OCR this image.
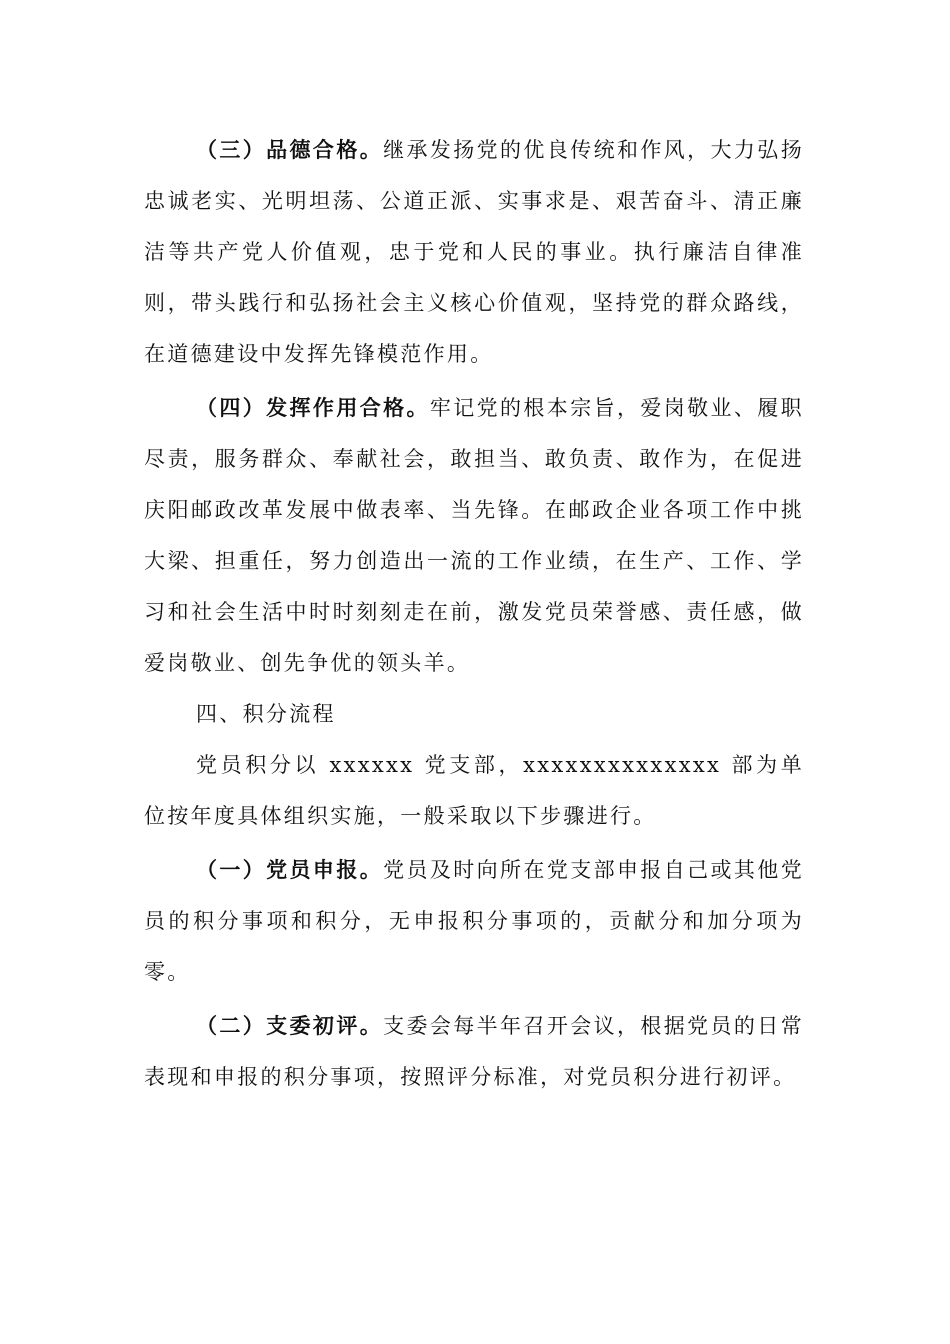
（三）品德合格。继承发扬党的优良传统和作风，大力弘扬忠诚老实、光明坦荡、公道正派、实事求是、艰苦奋斗、清正廉洁等共产党人价值观，忠于党和人民的事业。执行廉洁自律准则，带头践行和弘扬社会主义核心价值观，坚持党的群众路线，在道德建设中发挥先锋模范作用。

（四）发挥作用合格。牢记党的根本宗旨，爱岗敬业、履职尽责，服务群众、奉献社会，敢担当、敢负责、敢作为，在促进庆阳邮政改革发展中做表率、当先锋。在邮政企业各项工作中挑大梁、担重任，努力创造出一流的工作业绩，在生产、工作、学习和社会生活中时时刻刻走在前，激发党员荣誉感、责任感，做爱岗敬业、创先争优的领头羊。

四、积分流程

党员积分以 xxxxxx 党支部，xxxxxxxxxxxxxx 部为单位按年度具体组织实施，一般采取以下步骤进行。

（一）党员申报。党员及时向所在党支部申报自己或其他党员的积分事项和积分，无申报积分事项的，贡献分和加分项为零。

（二）支委初评。支委会每半年召开会议，根据党员的日常表现和申报的积分事项，按照评分标准，对党员积分进行初评。
